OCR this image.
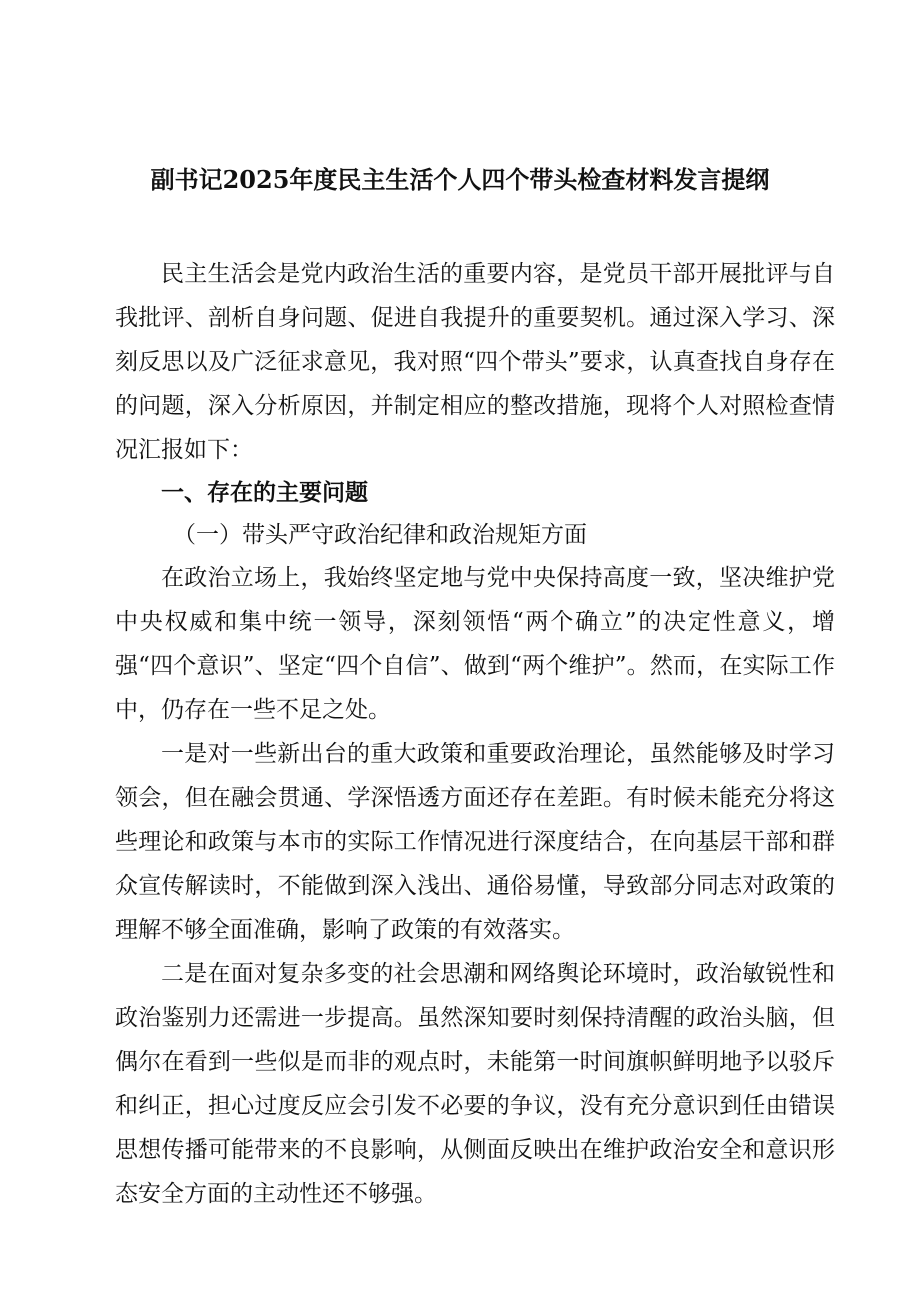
副书记2025年度民主生活个人四个带头检查材料发言提纲

民主生活会是党内政治生活的重要内容，是党员干部开展批评与自我批评、剖析自身问题、促进自我提升的重要契机。通过深入学习、深刻反思以及广泛征求意见，我对照“四个带头”要求，认真查找自身存在的问题，深入分析原因，并制定相应的整改措施，现将个人对照检查情况汇报如下：

一、存在的主要问题

（一）带头严守政治纪律和政治规矩方面

在政治立场上，我始终坚定地与党中央保持高度一致，坚决维护党中央权威和集中统一领导，深刻领悟“两个确立”的决定性意义，增强“四个意识”、坚定“四个自信”、做到“两个维护”。然而，在实际工作中，仍存在一些不足之处。

一是对一些新出台的重大政策和重要政治理论，虽然能够及时学习领会，但在融会贯通、学深悟透方面还存在差距。有时候未能充分将这些理论和政策与本市的实际工作情况进行深度结合，在向基层干部和群众宣传解读时，不能做到深入浅出、通俗易懂，导致部分同志对政策的理解不够全面准确，影响了政策的有效落实。

二是在面对复杂多变的社会思潮和网络舆论环境时，政治敏锐性和政治鉴别力还需进一步提高。虽然深知要时刻保持清醒的政治头脑，但偶尔在看到一些似是而非的观点时，未能第一时间旗帜鲜明地予以驳斥和纠正，担心过度反应会引发不必要的争议，没有充分意识到任由错误思想传播可能带来的不良影响，从侧面反映出在维护政治安全和意识形态安全方面的主动性还不够强。
